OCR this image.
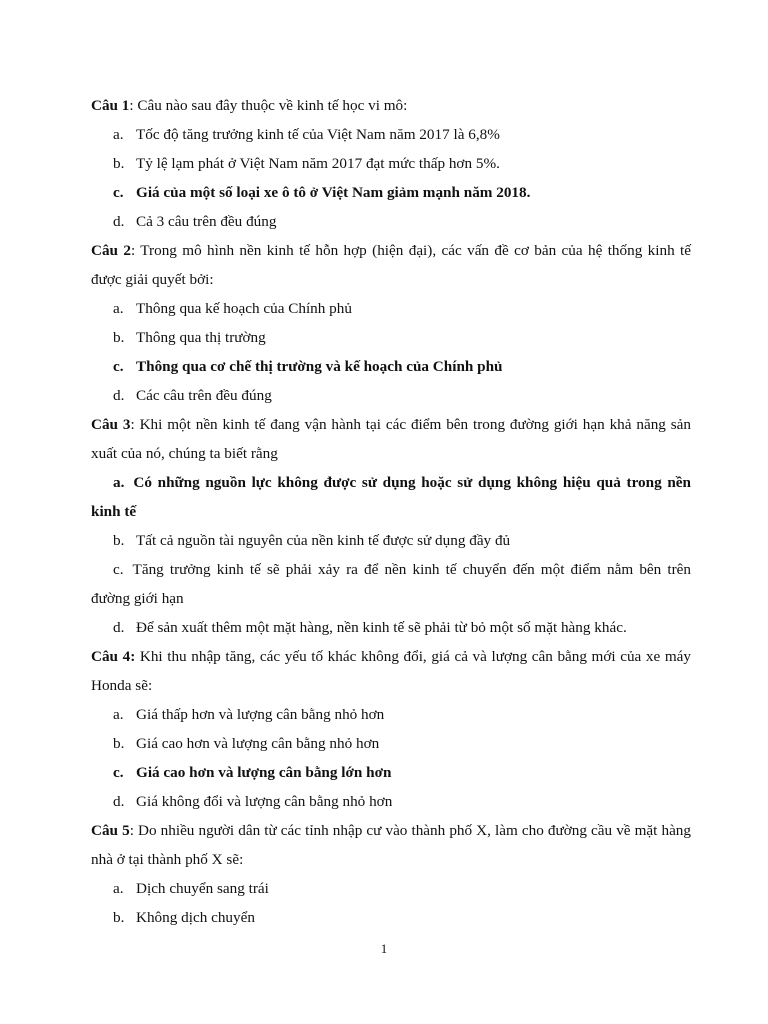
Câu 1: Câu nào sau đây thuộc về kinh tế học vi mô:

a. Tốc độ tăng trưởng kinh tế của Việt Nam năm 2017 là 6,8%

b. Tỷ lệ lạm phát ở Việt Nam năm 2017 đạt mức thấp hơn 5%.

c. Giá của một số loại xe ô tô ở Việt Nam giảm mạnh năm 2018.

d. Cả 3 câu trên đều đúng

Câu 2: Trong mô hình nền kinh tế hỗn hợp (hiện đại), các vấn đề cơ bản của hệ thống kinh tế được giải quyết bởi:

a. Thông qua kế hoạch của Chính phủ

b. Thông qua thị trường

c. Thông qua cơ chế thị trường và kế hoạch của Chính phủ

d. Các câu trên đều đúng

Câu 3: Khi một nền kinh tế đang vận hành tại các điểm bên trong đường giới hạn khả năng sản xuất của nó, chúng ta biết rằng

a. Có những nguồn lực không được sử dụng hoặc sử dụng không hiệu quả trong nền kinh tế

b. Tất cả nguồn tài nguyên của nền kinh tế được sử dụng đầy đủ

c. Tăng trưởng kinh tế sẽ phải xảy ra để nền kinh tế chuyển đến một điểm nằm bên trên đường giới hạn

d. Để sản xuất thêm một mặt hàng, nền kinh tế sẽ phải từ bỏ một số mặt hàng khác.

Câu 4: Khi thu nhập tăng, các yếu tố khác không đổi, giá cả và lượng cân bằng mới của xe máy Honda sẽ:

a. Giá thấp hơn và lượng cân bằng nhỏ hơn

b. Giá cao hơn và lượng cân bằng nhỏ hơn

c. Giá cao hơn và lượng cân bằng lớn hơn

d. Giá không đổi và lượng cân bằng nhỏ hơn

Câu 5: Do nhiều người dân từ các tỉnh nhập cư vào thành phố X, làm cho đường cầu về mặt hàng nhà ở tại thành phố X sẽ:

a. Dịch chuyển sang trái

b. Không dịch chuyển

1
